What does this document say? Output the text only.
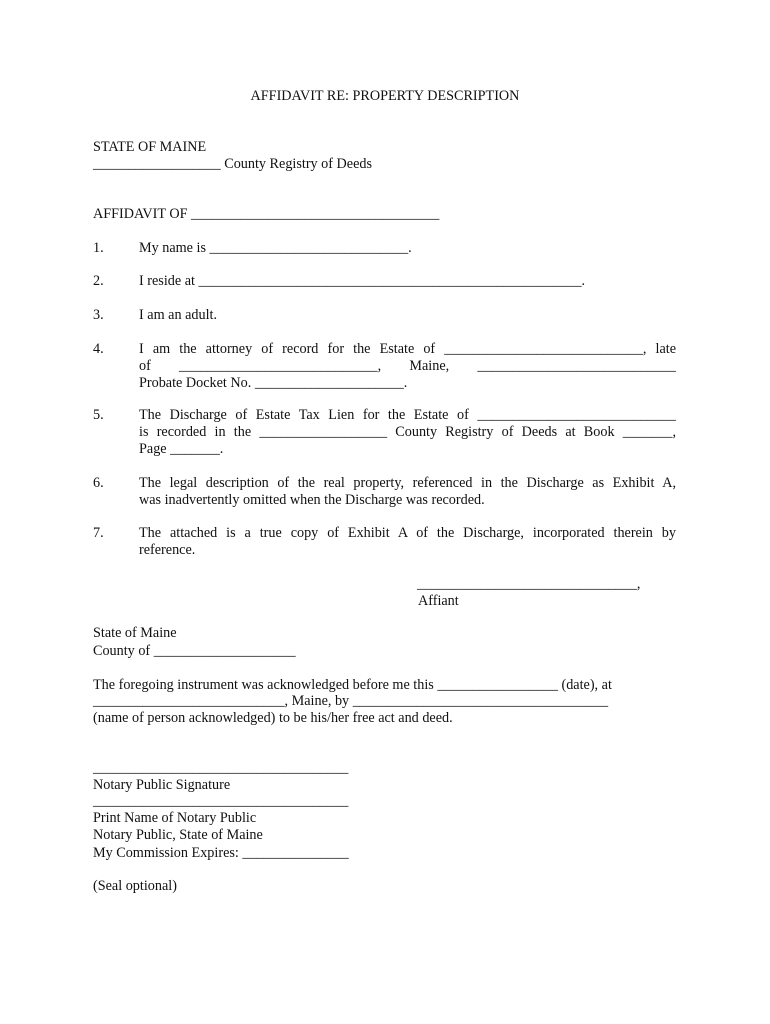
AFFIDAVIT RE: PROPERTY DESCRIPTION
STATE OF MAINE
__________________ County Registry of Deeds
AFFIDAVIT OF ___________________________________
1. My name is ____________________________.
2. I reside at ______________________________________________________.
3. I am an adult.
4. I am the attorney of record for the Estate of ____________________________, late
of ____________________________, Maine, ____________________________
Probate Docket No. _____________________.
5. The Discharge of Estate Tax Lien for the Estate of ____________________________
is recorded in the __________________ County Registry of Deeds at Book _______,
Page _______.
6. The legal description of the real property, referenced in the Discharge as Exhibit A,
was inadvertently omitted when the Discharge was recorded.
7. The attached is a true copy of Exhibit A of the Discharge, incorporated therein by
reference.
_______________________________,
Affiant
State of Maine
County of ____________________
The foregoing instrument was acknowledged before me this _________________ (date), at
___________________________, Maine, by ____________________________________
(name of person acknowledged) to be his/her free act and deed.
____________________________________
Notary Public Signature
____________________________________
Print Name of Notary Public
Notary Public, State of Maine
My Commission Expires: _______________
(Seal optional)
